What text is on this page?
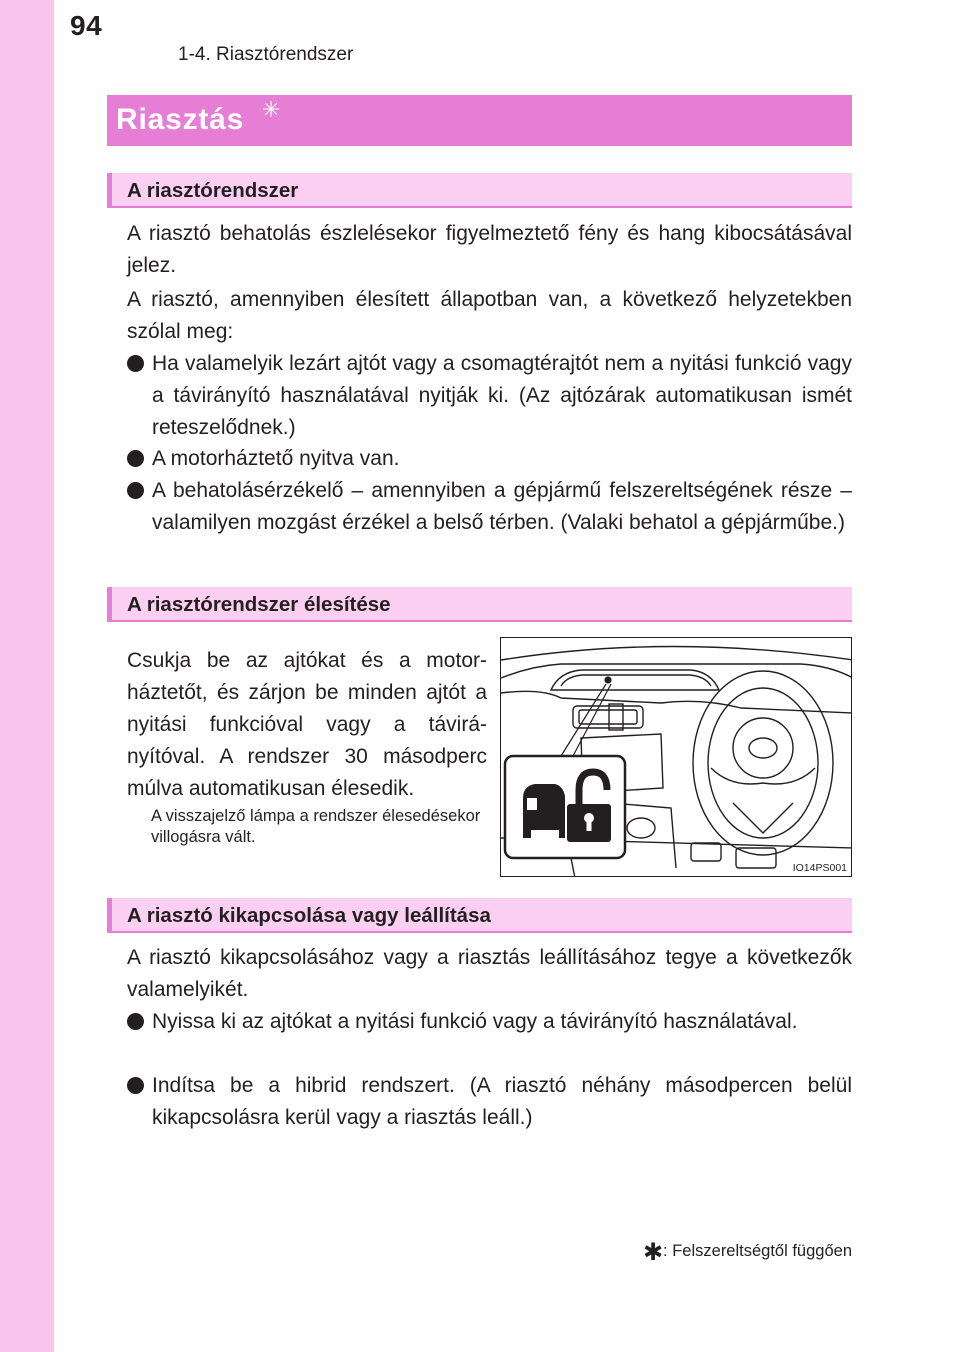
94
1-4. Riasztórendszer
Riasztás ✳
A riasztórendszer

A riasztó behatolás észlelésekor figyelmeztető fény és hang kibocsátásával jelez.

A riasztó, amennyiben élesített állapotban van, a következő helyzetekben szólal meg:

Ha valamelyik lezárt ajtót vagy a csomagtérajtót nem a nyitási funkció vagy a távirányító használatával nyitják ki. (Az ajtózárak automatikusan ismét reteszelődnek.)
A motorháztető nyitva van.
A behatolásérzékelő – amennyiben a gépjármű felszereltségének része – valamilyen mozgást érzékel a belső térben. (Valaki behatol a gépjárműbe.)
A riasztórendszer élesítése

Csukja be az ajtókat és a motorháztetőt, és zárjon be minden ajtót a nyitási funkcióval vagy a távirányítóval. A rendszer 30 másodperc múlva automatikusan élesedik.

A visszajelző lámpa a rendszer élesedésekor villogásra vált.
IO14PS001
A riasztó kikapcsolása vagy leállítása

A riasztó kikapcsolásához vagy a riasztás leállításához tegye a következők valamelyikét.

Nyissa ki az ajtókat a nyitási funkció vagy a távirányító használatával.
Indítsa be a hibrid rendszert. (A riasztó néhány másodpercen belül kikapcsolásra kerül vagy a riasztás leáll.)
✱: Felszereltségtől függően
